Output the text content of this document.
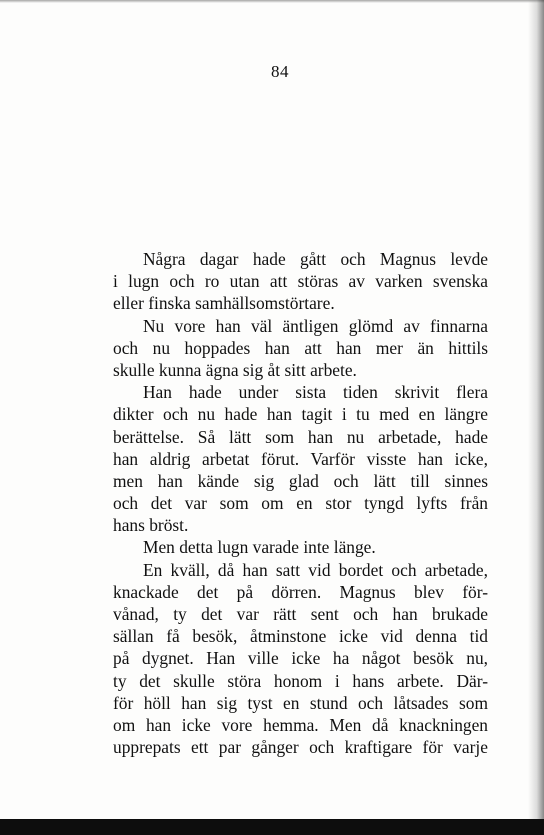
84
Några dagar hade gått och Magnus levde
i lugn och ro utan att störas av varken svenska
eller finska samhällsomstörtare.
Nu vore han väl äntligen glömd av finnarna
och nu hoppades han att han mer än hittils
skulle kunna ägna sig åt sitt arbete.
Han hade under sista tiden skrivit flera
dikter och nu hade han tagit i tu med en längre
berättelse. Så lätt som han nu arbetade, hade
han aldrig arbetat förut. Varför visste han icke,
men han kände sig glad och lätt till sinnes
och det var som om en stor tyngd lyfts från
hans bröst.
Men detta lugn varade inte länge.
En kväll, då han satt vid bordet och arbetade,
knackade det på dörren. Magnus blev för-
vånad, ty det var rätt sent och han brukade
sällan få besök, åtminstone icke vid denna tid
på dygnet. Han ville icke ha något besök nu,
ty det skulle störa honom i hans arbete. Där-
för höll han sig tyst en stund och låtsades som
om han icke vore hemma. Men då knackningen
upprepats ett par gånger och kraftigare för varje
